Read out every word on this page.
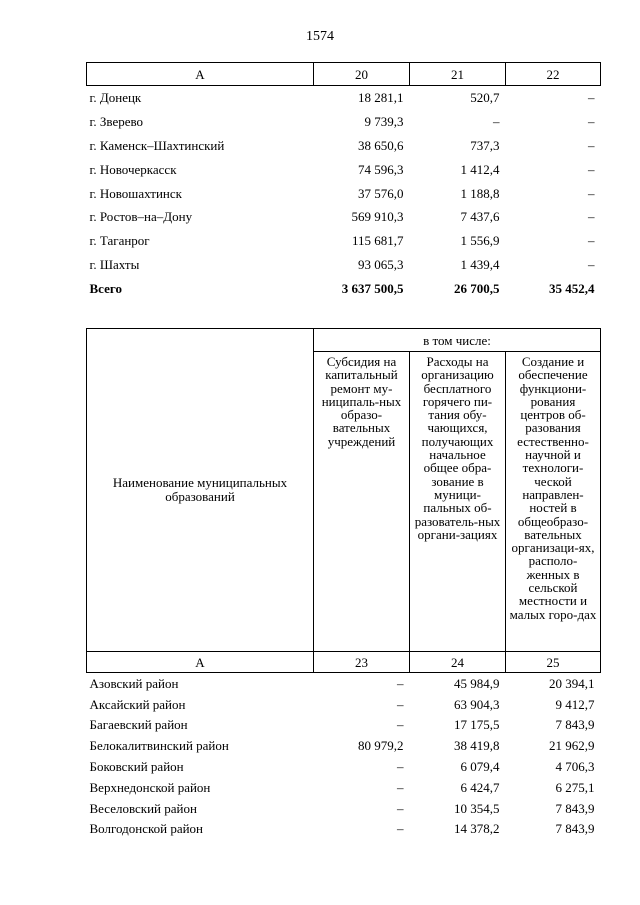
1574
А	20	21	22
г. Донецк	18 281,1	520,7	–
г. Зверево	9 739,3	–	–
г. Каменск–Шахтинский	38 650,6	737,3	–
г. Новочеркасск	74 596,3	1 412,4	–
г. Новошахтинск	37 576,0	1 188,8	–
г. Ростов–на–Дону	569 910,3	7 437,6	–
г. Таганрог	115 681,7	1 556,9	–
г. Шахты	93 065,3	1 439,4	–
Всего	3 637 500,5	26 700,5	35 452,4
Наименование муниципальных образований	в том числе:		
	Субсидия на капитальный ремонт му-ниципаль-ных образо-вательных учреждений	Расходы на организацию бесплатного горячего пи-тания обу-чающихся, получающих начальное общее обра-зование в муници-пальных об-разователь-ных органи-зациях	Создание и обеспечение функциони-рования центров об-разования естественно-научной и технологи-ческой направлен-ностей в общеобразо-вательных организаци-ях, располо-женных в сельской местности и малых горо-дах
А	23	24	25
Азовский район	–	45 984,9	20 394,1
Аксайский район	–	63 904,3	9 412,7
Багаевский район	–	17 175,5	7 843,9
Белокалитвинский район	80 979,2	38 419,8	21 962,9
Боковский район	–	6 079,4	4 706,3
Верхнедонской район	–	6 424,7	6 275,1
Веселовский район	–	10 354,5	7 843,9
Волгодонской район	–	14 378,2	7 843,9
